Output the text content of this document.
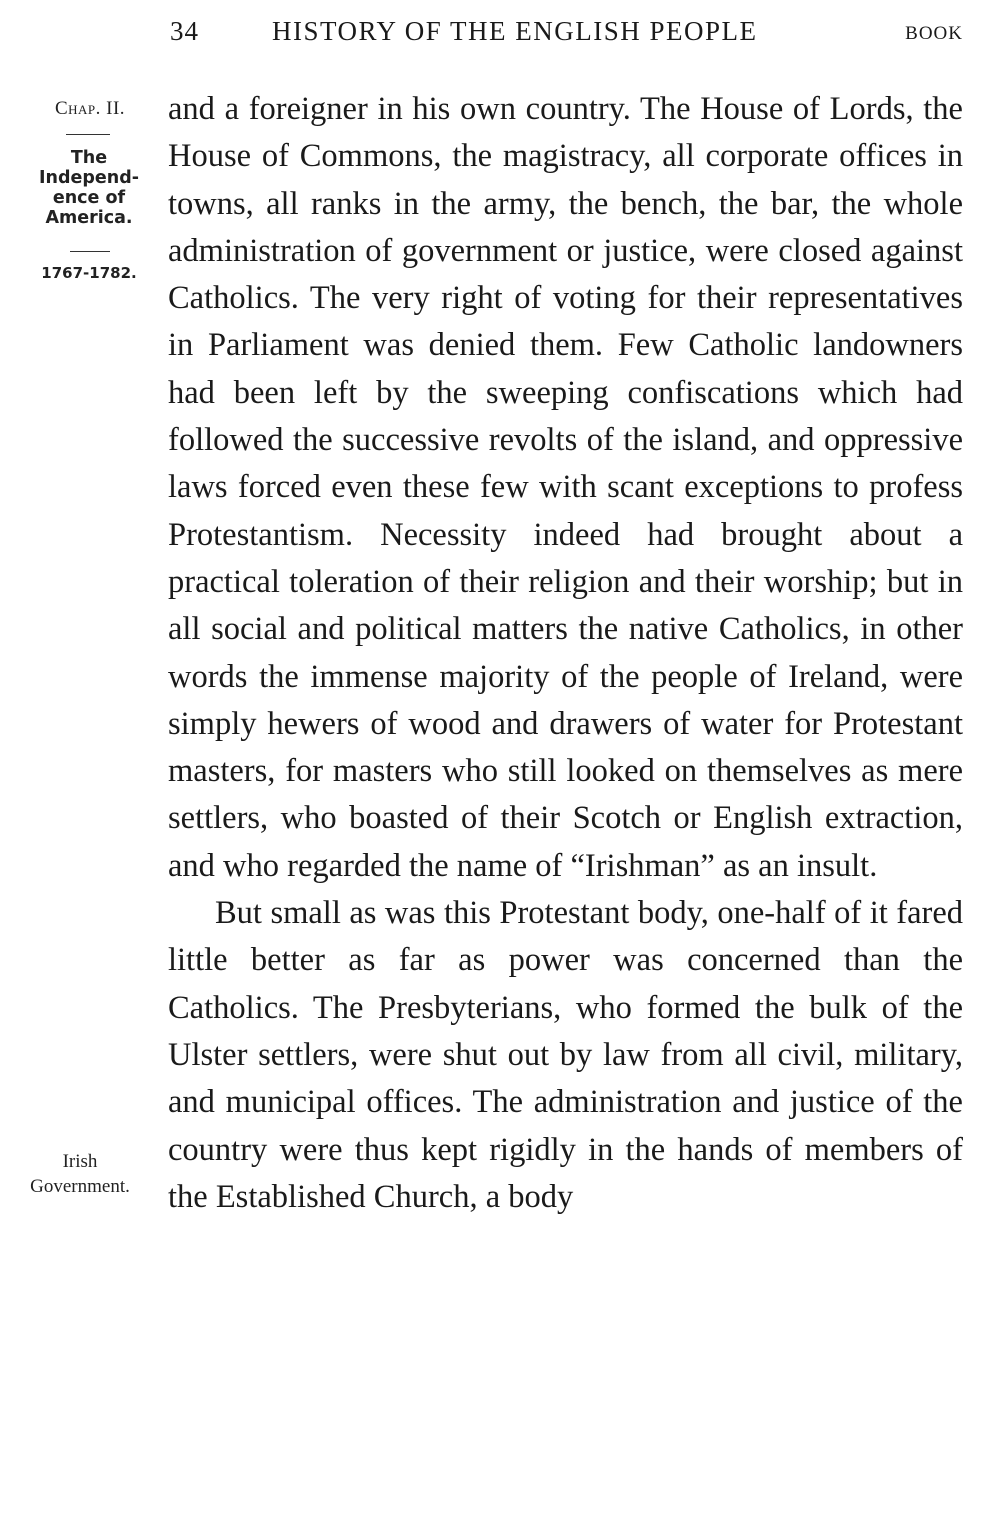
34	HISTORY OF THE ENGLISH PEOPLE	BOOK
Chap. II.
The
Independ-
ence of
America.
1767-1782.
Irish
Government.

and a foreigner in his own country. The House of Lords, the House of Commons, the magistracy, all corporate offices in towns, all ranks in the army, the bench, the bar, the whole administration of government or justice, were closed against Catholics. The very right of voting for their representatives in Parliament was denied them. Few Catholic landowners had been left by the sweeping confiscations which had followed the successive revolts of the island, and oppressive laws forced even these few with scant exceptions to profess Protestantism. Necessity indeed had brought about a practical toleration of their religion and their worship; but in all social and political matters the native Catholics, in other words the immense majority of the people of Ireland, were simply hewers of wood and drawers of water for Protestant masters, for masters who still looked on themselves as mere settlers, who boasted of their Scotch or English extraction, and who regarded the name of “Irishman” as an insult.

But small as was this Protestant body, one-half of it fared little better as far as power was concerned than the Catholics. The Presbyterians, who formed the bulk of the Ulster settlers, were shut out by law from all civil, military, and municipal offices. The administration and justice of the country were thus kept rigidly in the hands of members of the Established Church, a body
